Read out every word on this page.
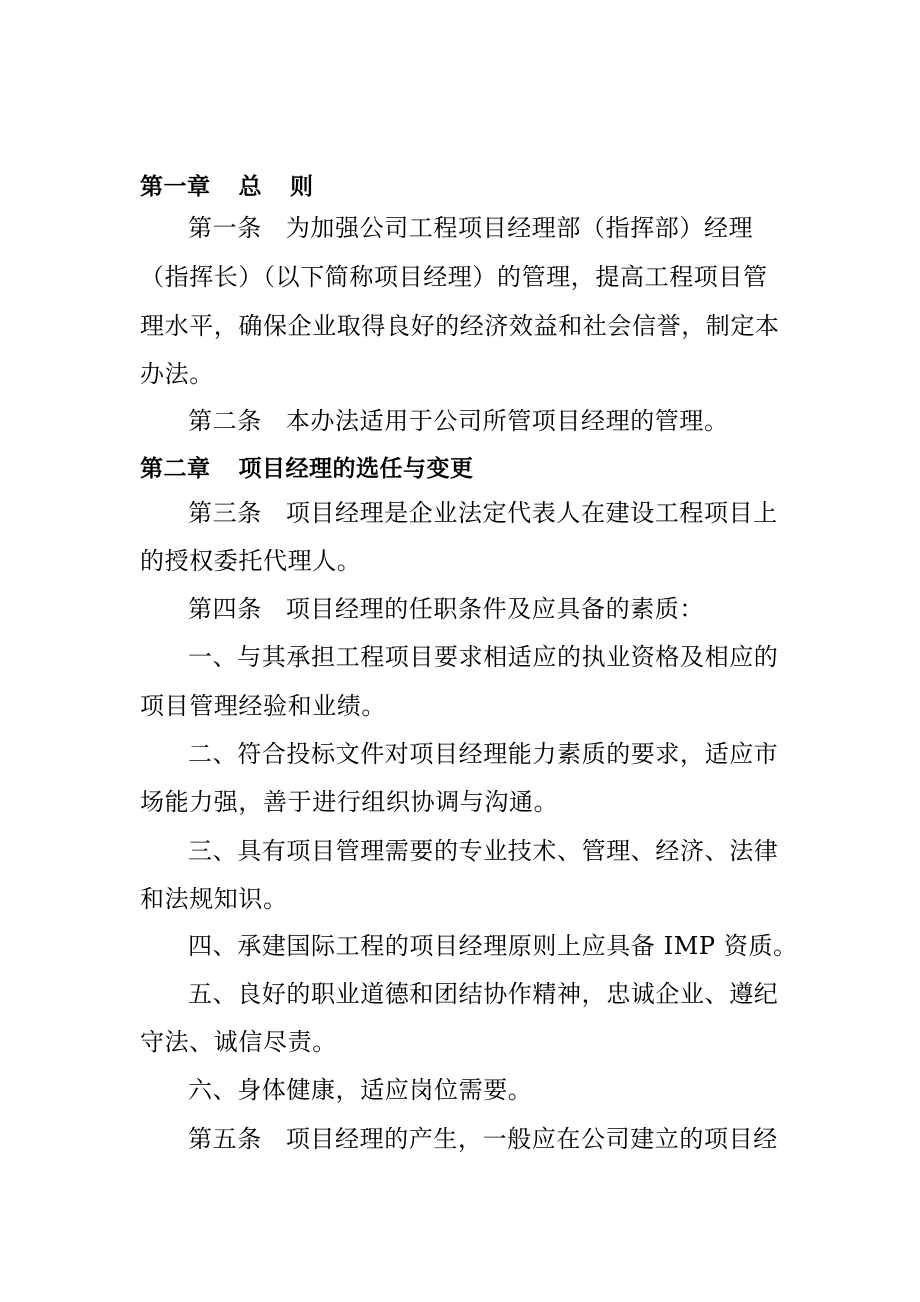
第一章 总 则
第一条 为加强公司工程项目经理部（指挥部）经理
（指挥长）（以下简称项目经理）的管理，提高工程项目管
理水平，确保企业取得良好的经济效益和社会信誉，制定本
办法。
第二条 本办法适用于公司所管项目经理的管理。
第二章 项目经理的选任与变更
第三条 项目经理是企业法定代表人在建设工程项目上
的授权委托代理人。
第四条 项目经理的任职条件及应具备的素质：
一、与其承担工程项目要求相适应的执业资格及相应的
项目管理经验和业绩。
二、符合投标文件对项目经理能力素质的要求，适应市
场能力强，善于进行组织协调与沟通。
三、具有项目管理需要的专业技术、管理、经济、法律
和法规知识。
四、承建国际工程的项目经理原则上应具备 IMP 资质。
五、良好的职业道德和团结协作精神，忠诚企业、遵纪
守法、诚信尽责。
六、身体健康，适应岗位需要。
第五条 项目经理的产生，一般应在公司建立的项目经
